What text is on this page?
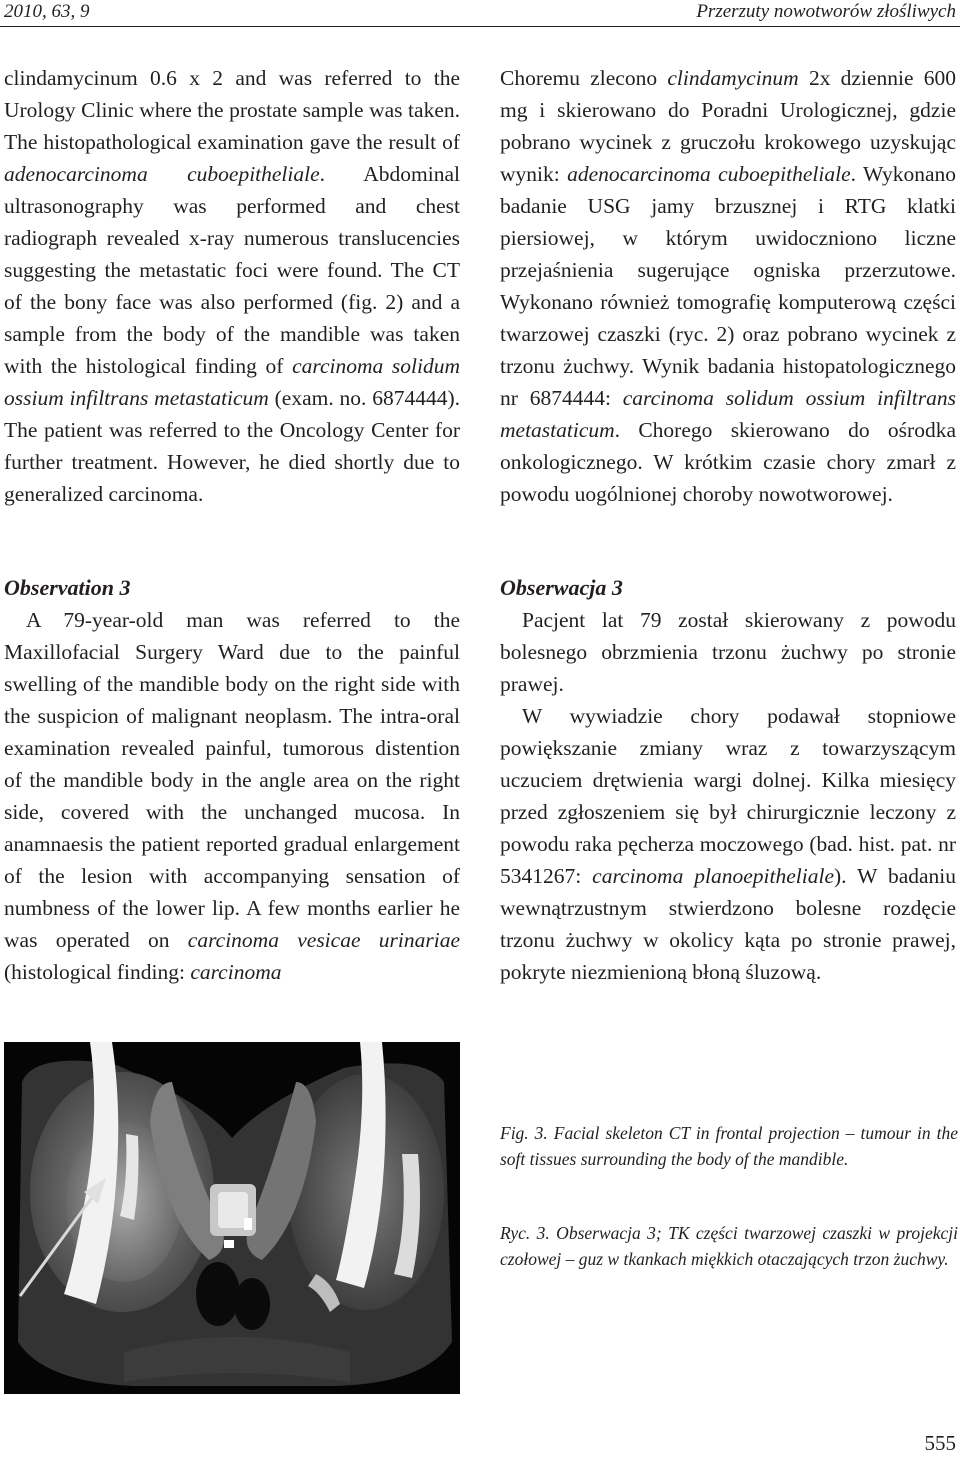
2010, 63, 9	Przerzuty nowotworów złośliwych

clindamycinum 0.6 x 2 and was referred to the Urology Clinic where the prostate sample was taken. The histopathological examination gave the result of adenocarcinoma cuboepitheliale. Abdominal ultrasonography was performed and chest radiograph revealed x-ray numerous translucencies suggesting the metastatic foci were found. The CT of the bony face was also performed (fig. 2) and a sample from the body of the mandible was taken with the histological finding of carcinoma solidum ossium infiltrans metastaticum (exam. no. 6874444). The patient was referred to the Oncology Center for further treatment. However, he died shortly due to generalized carcinoma.

Observation 3

A 79-year-old man was referred to the Maxillofacial Surgery Ward due to the painful swelling of the mandible body on the right side with the suspicion of malignant neoplasm. The intra-oral examination revealed painful, tumorous distention of the mandible body in the angle area on the right side, covered with the unchanged mucosa. In anamnaesis the patient reported gradual enlargement of the lesion with accompanying sensation of numbness of the lower lip. A few months earlier he was operated on carcinoma vesicae urinariae (histological finding: carcinoma

Choremu zlecono clindamycinum 2x dziennie 600 mg i skierowano do Poradni Urologicznej, gdzie pobrano wycinek z gruczołu krokowego uzyskując wynik: adenocarcinoma cuboepitheliale. Wykonano badanie USG jamy brzusznej i RTG klatki piersiowej, w którym uwidoczniono liczne przejaśnienia sugerujące ogniska przerzutowe. Wykonano również tomografię komputerową części twarzowej czaszki (ryc. 2) oraz pobrano wycinek z trzonu żuchwy. Wynik badania histopatologicznego nr 6874444: carcinoma solidum ossium infiltrans metastaticum. Chorego skierowano do ośrodka onkologicznego. W krótkim czasie chory zmarł z powodu uogólnionej choroby nowotworowej.

Obserwacja 3

Pacjent lat 79 został skierowany z powodu bolesnego obrzmienia trzonu żuchwy po stronie prawej.

W wywiadzie chory podawał stopniowe powiększanie zmiany wraz z towarzyszącym uczuciem drętwienia wargi dolnej. Kilka miesięcy przed zgłoszeniem się był chirurgicznie leczony z powodu raka pęcherza moczowego (bad. hist. pat. nr 5341267: carcinoma planoepitheliale). W badaniu wewnątrzustnym stwierdzono bolesne rozdęcie trzonu żuchwy w okolicy kąta po stronie prawej, pokryte niezmienioną błoną śluzową.

Fig. 3. Facial skeleton CT in frontal projection – tumour in the soft tissues surrounding the body of the mandible.
Ryc. 3. Obserwacja 3; TK części twarzowej czaszki w projekcji czołowej – guz w tkankach miękkich otaczających trzon żuchwy.
555
